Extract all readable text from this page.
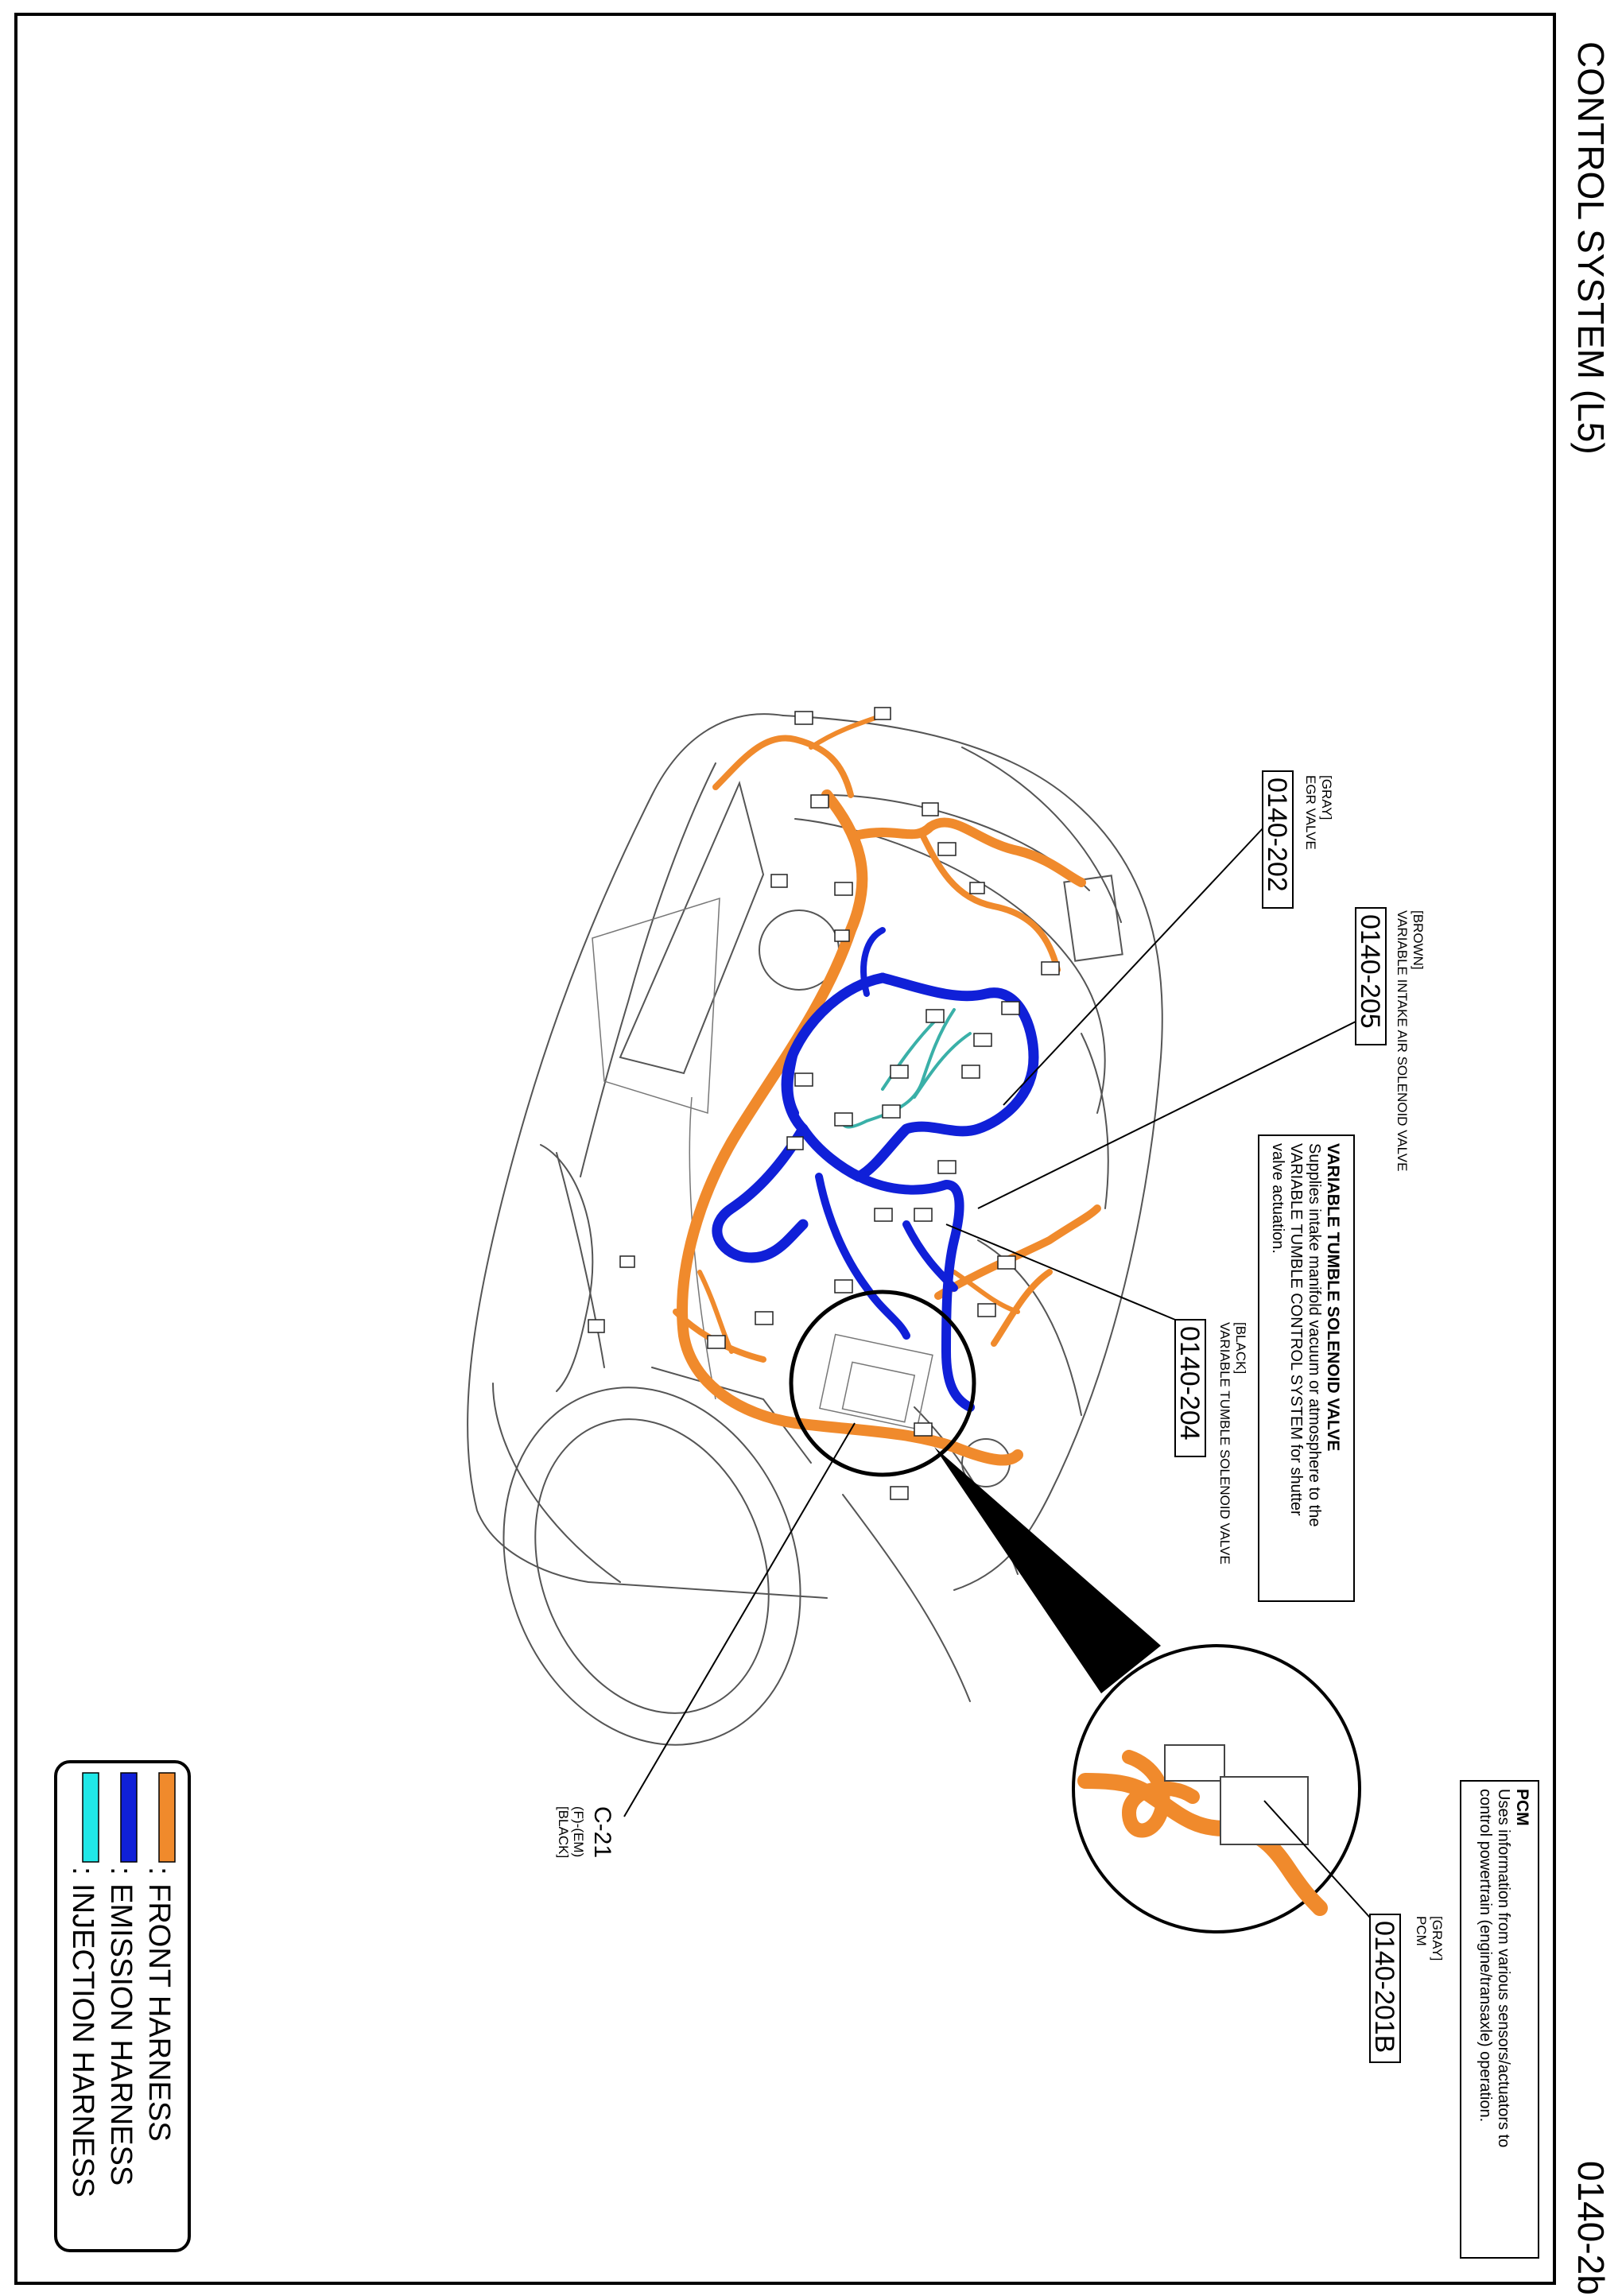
CONTROL SYSTEM (L5)
0140-2b
[GRAY]
EGR VALVE
0140-202
[BROWN]
VARIABLE INTAKE AIR SOLENOID VALVE
0140-205
VARIABLE TUMBLE SOLENOID VALVE
Supplies intake manifold vacuum or atmosphere to the
VARIABLE TUMBLE CONTROL SYSTEM for shutter
valve actuation.
[BLACK]
VARIABLE TUMBLE SOLENOID VALVE
0140-204
PCM
Uses information from various sensors/actuators to
control powertrain (engine/transaxle) operation.
[GRAY]
PCM
0140-201B
C-21
(F)-(EM)
[BLACK]
: FRONT HARNESS
: EMISSION HARNESS
: INJECTION HARNESS
